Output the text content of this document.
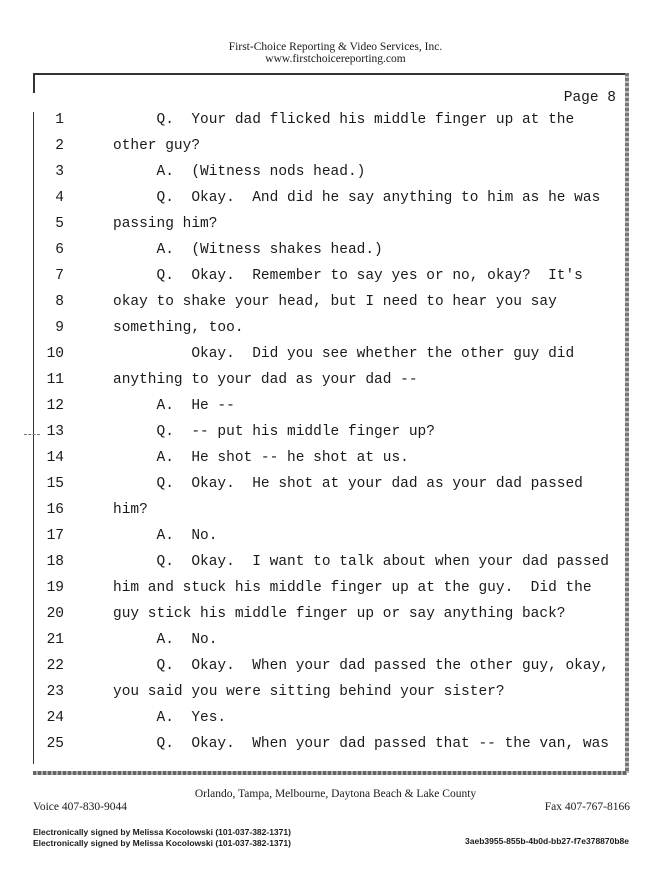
First-Choice Reporting & Video Services, Inc.
www.firstchoicereporting.com
Page 8
1	Q.  Your dad flicked his middle finger up at the
2	other guy?
3	A.  (Witness nods head.)
4	Q.  Okay.  And did he say anything to him as he was
5	passing him?
6	A.  (Witness shakes head.)
7	Q.  Okay.  Remember to say yes or no, okay?  It's
8	okay to shake your head, but I need to hear you say
9	something, too.
10	Okay.  Did you see whether the other guy did
11	anything to your dad as your dad --
12	A.  He --
13	Q.  -- put his middle finger up?
14	A.  He shot -- he shot at us.
15	Q.  Okay.  He shot at your dad as your dad passed
16	him?
17	A.  No.
18	Q.  Okay.  I want to talk about when your dad passed
19	him and stuck his middle finger up at the guy.  Did the
20	guy stick his middle finger up or say anything back?
21	A.  No.
22	Q.  Okay.  When your dad passed the other guy, okay,
23	you said you were sitting behind your sister?
24	A.  Yes.
25	Q.  Okay.  When your dad passed that -- the van, was
Orlando, Tampa, Melbourne, Daytona Beach & Lake County
Voice 407-830-9044	Fax 407-767-8166
Electronically signed by Melissa Kocolowski (101-037-382-1371)
Electronically signed by Melissa Kocolowski (101-037-382-1371)	3aeb3955-855b-4b0d-bb27-f7e378870b8e
